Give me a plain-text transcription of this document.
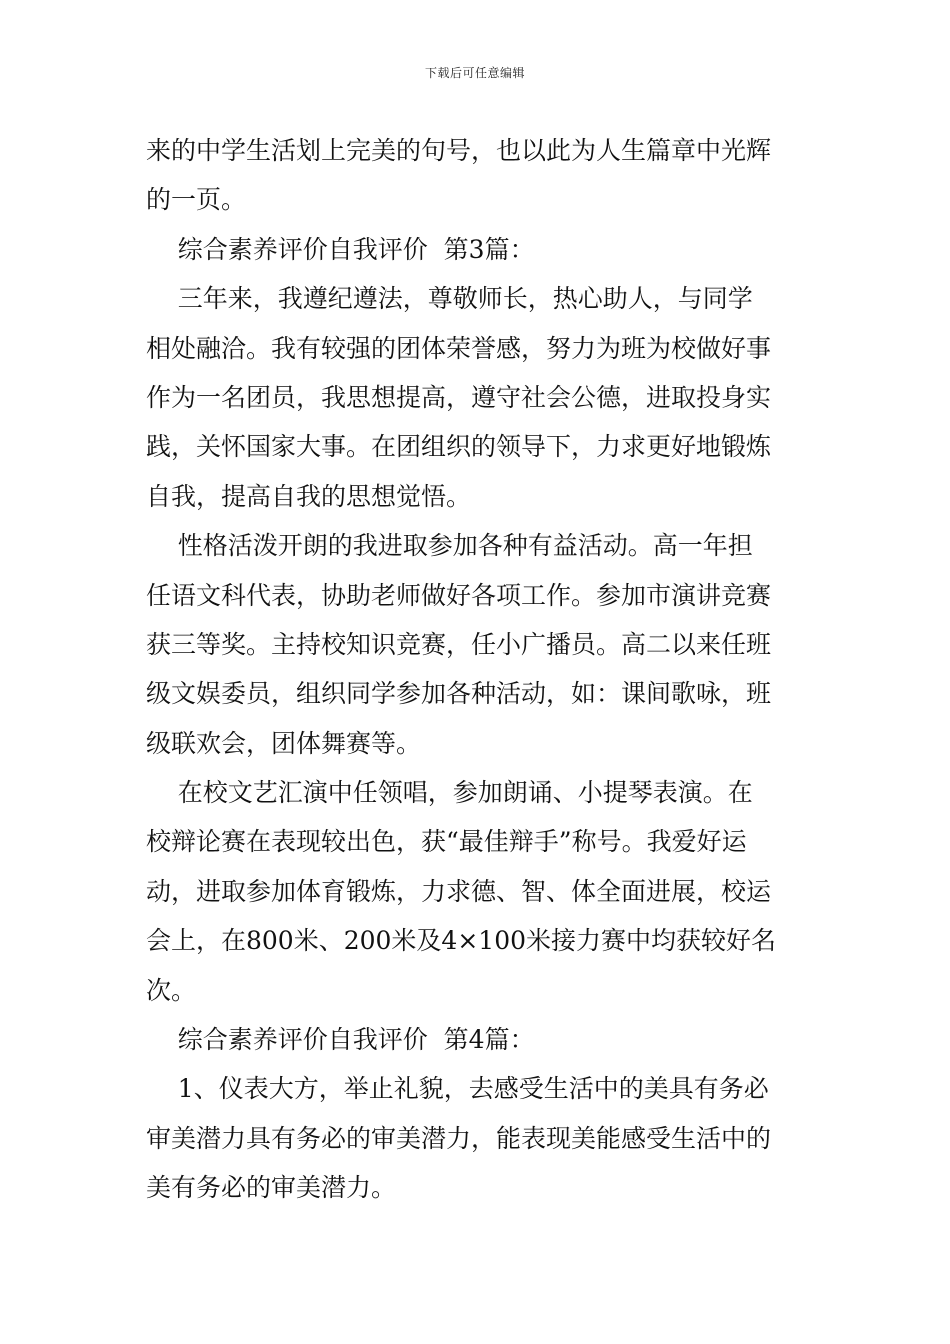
下载后可任意编辑
来的中学生活划上完美的句号，也以此为人生篇章中光辉
的一页。
综合素养评价自我评价  第3篇：
三年来，我遵纪遵法，尊敬师长，热心助人，与同学
相处融洽。我有较强的团体荣誉感，努力为班为校做好事
作为一名团员，我思想提高，遵守社会公德，进取投身实
践，关怀国家大事。在团组织的领导下，力求更好地锻炼
自我，提高自我的思想觉悟。
性格活泼开朗的我进取参加各种有益活动。高一年担
任语文科代表，协助老师做好各项工作。参加市演讲竞赛
获三等奖。主持校知识竞赛，任小广播员。高二以来任班
级文娱委员，组织同学参加各种活动，如：课间歌咏，班
级联欢会，团体舞赛等。
在校文艺汇演中任领唱，参加朗诵、小提琴表演。在
校辩论赛在表现较出色，获“最佳辩手”称号。我爱好运
动，进取参加体育锻炼，力求德、智、体全面进展，校运
会上，在800米、200米及4×100米接力赛中均获较好名
次。
综合素养评价自我评价  第4篇：
1、仪表大方，举止礼貌，去感受生活中的美具有务必
审美潜力具有务必的审美潜力，能表现美能感受生活中的
美有务必的审美潜力。
